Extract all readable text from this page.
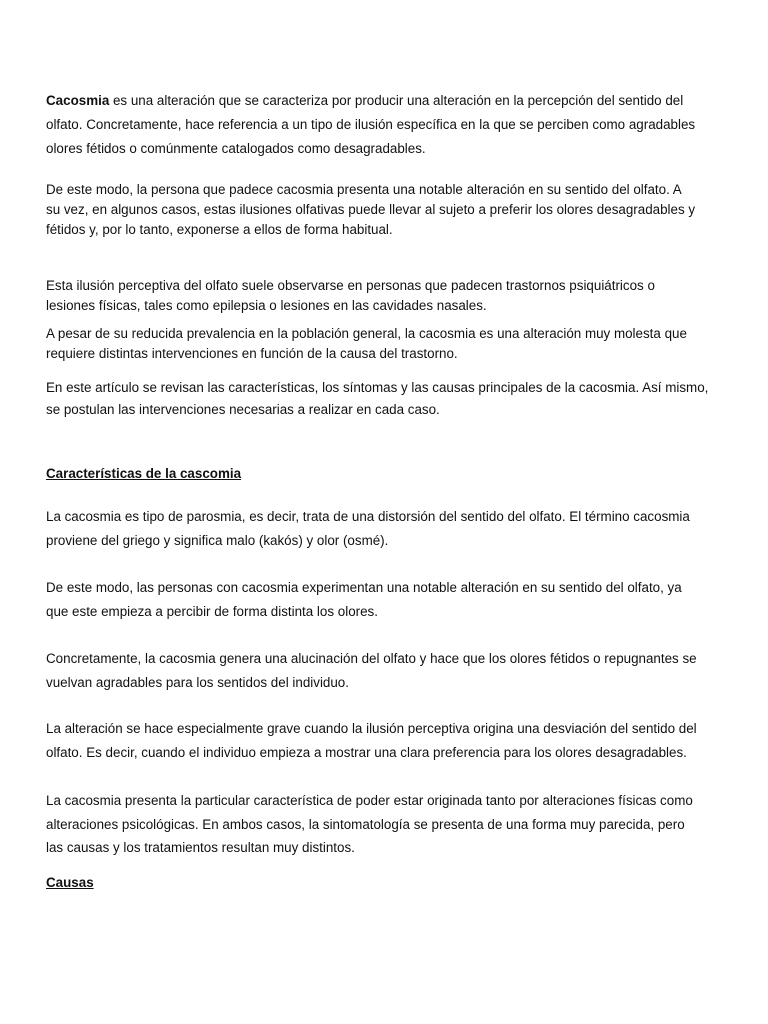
Cacosmia es una alteración que se caracteriza por producir una alteración en la percepción del sentido del
olfato. Concretamente, hace referencia a un tipo de ilusión específica en la que se perciben como agradables
olores fétidos o comúnmente catalogados como desagradables.

De este modo, la persona que padece cacosmia presenta una notable alteración en su sentido del olfato. A
su vez, en algunos casos, estas ilusiones olfativas puede llevar al sujeto a preferir los olores desagradables y
fétidos y, por lo tanto, exponerse a ellos de forma habitual.

Esta ilusión perceptiva del olfato suele observarse en personas que padecen trastornos psiquiátricos o
lesiones físicas, tales como epilepsia o lesiones en las cavidades nasales.

A pesar de su reducida prevalencia en la población general, la cacosmia es una alteración muy molesta que
requiere distintas intervenciones en función de la causa del trastorno.

En este artículo se revisan las características, los síntomas y las causas principales de la cacosmia. Así mismo,
se postulan las intervenciones necesarias a realizar en cada caso.

Características de la cascomia

La cacosmia es tipo de parosmia, es decir, trata de una distorsión del sentido del olfato. El término cacosmia
proviene del griego y significa malo (kakós) y olor (osmé).

De este modo, las personas con cacosmia experimentan una notable alteración en su sentido del olfato, ya
que este empieza a percibir de forma distinta los olores.

Concretamente, la cacosmia genera una alucinación del olfato y hace que los olores fétidos o repugnantes se
vuelvan agradables para los sentidos del individuo.

La alteración se hace especialmente grave cuando la ilusión perceptiva origina una desviación del sentido del
olfato. Es decir, cuando el individuo empieza a mostrar una clara preferencia para los olores desagradables.

La cacosmia presenta la particular característica de poder estar originada tanto por alteraciones físicas como
alteraciones psicológicas. En ambos casos, la sintomatología se presenta de una forma muy parecida, pero
las causas y los tratamientos resultan muy distintos.

Causas
